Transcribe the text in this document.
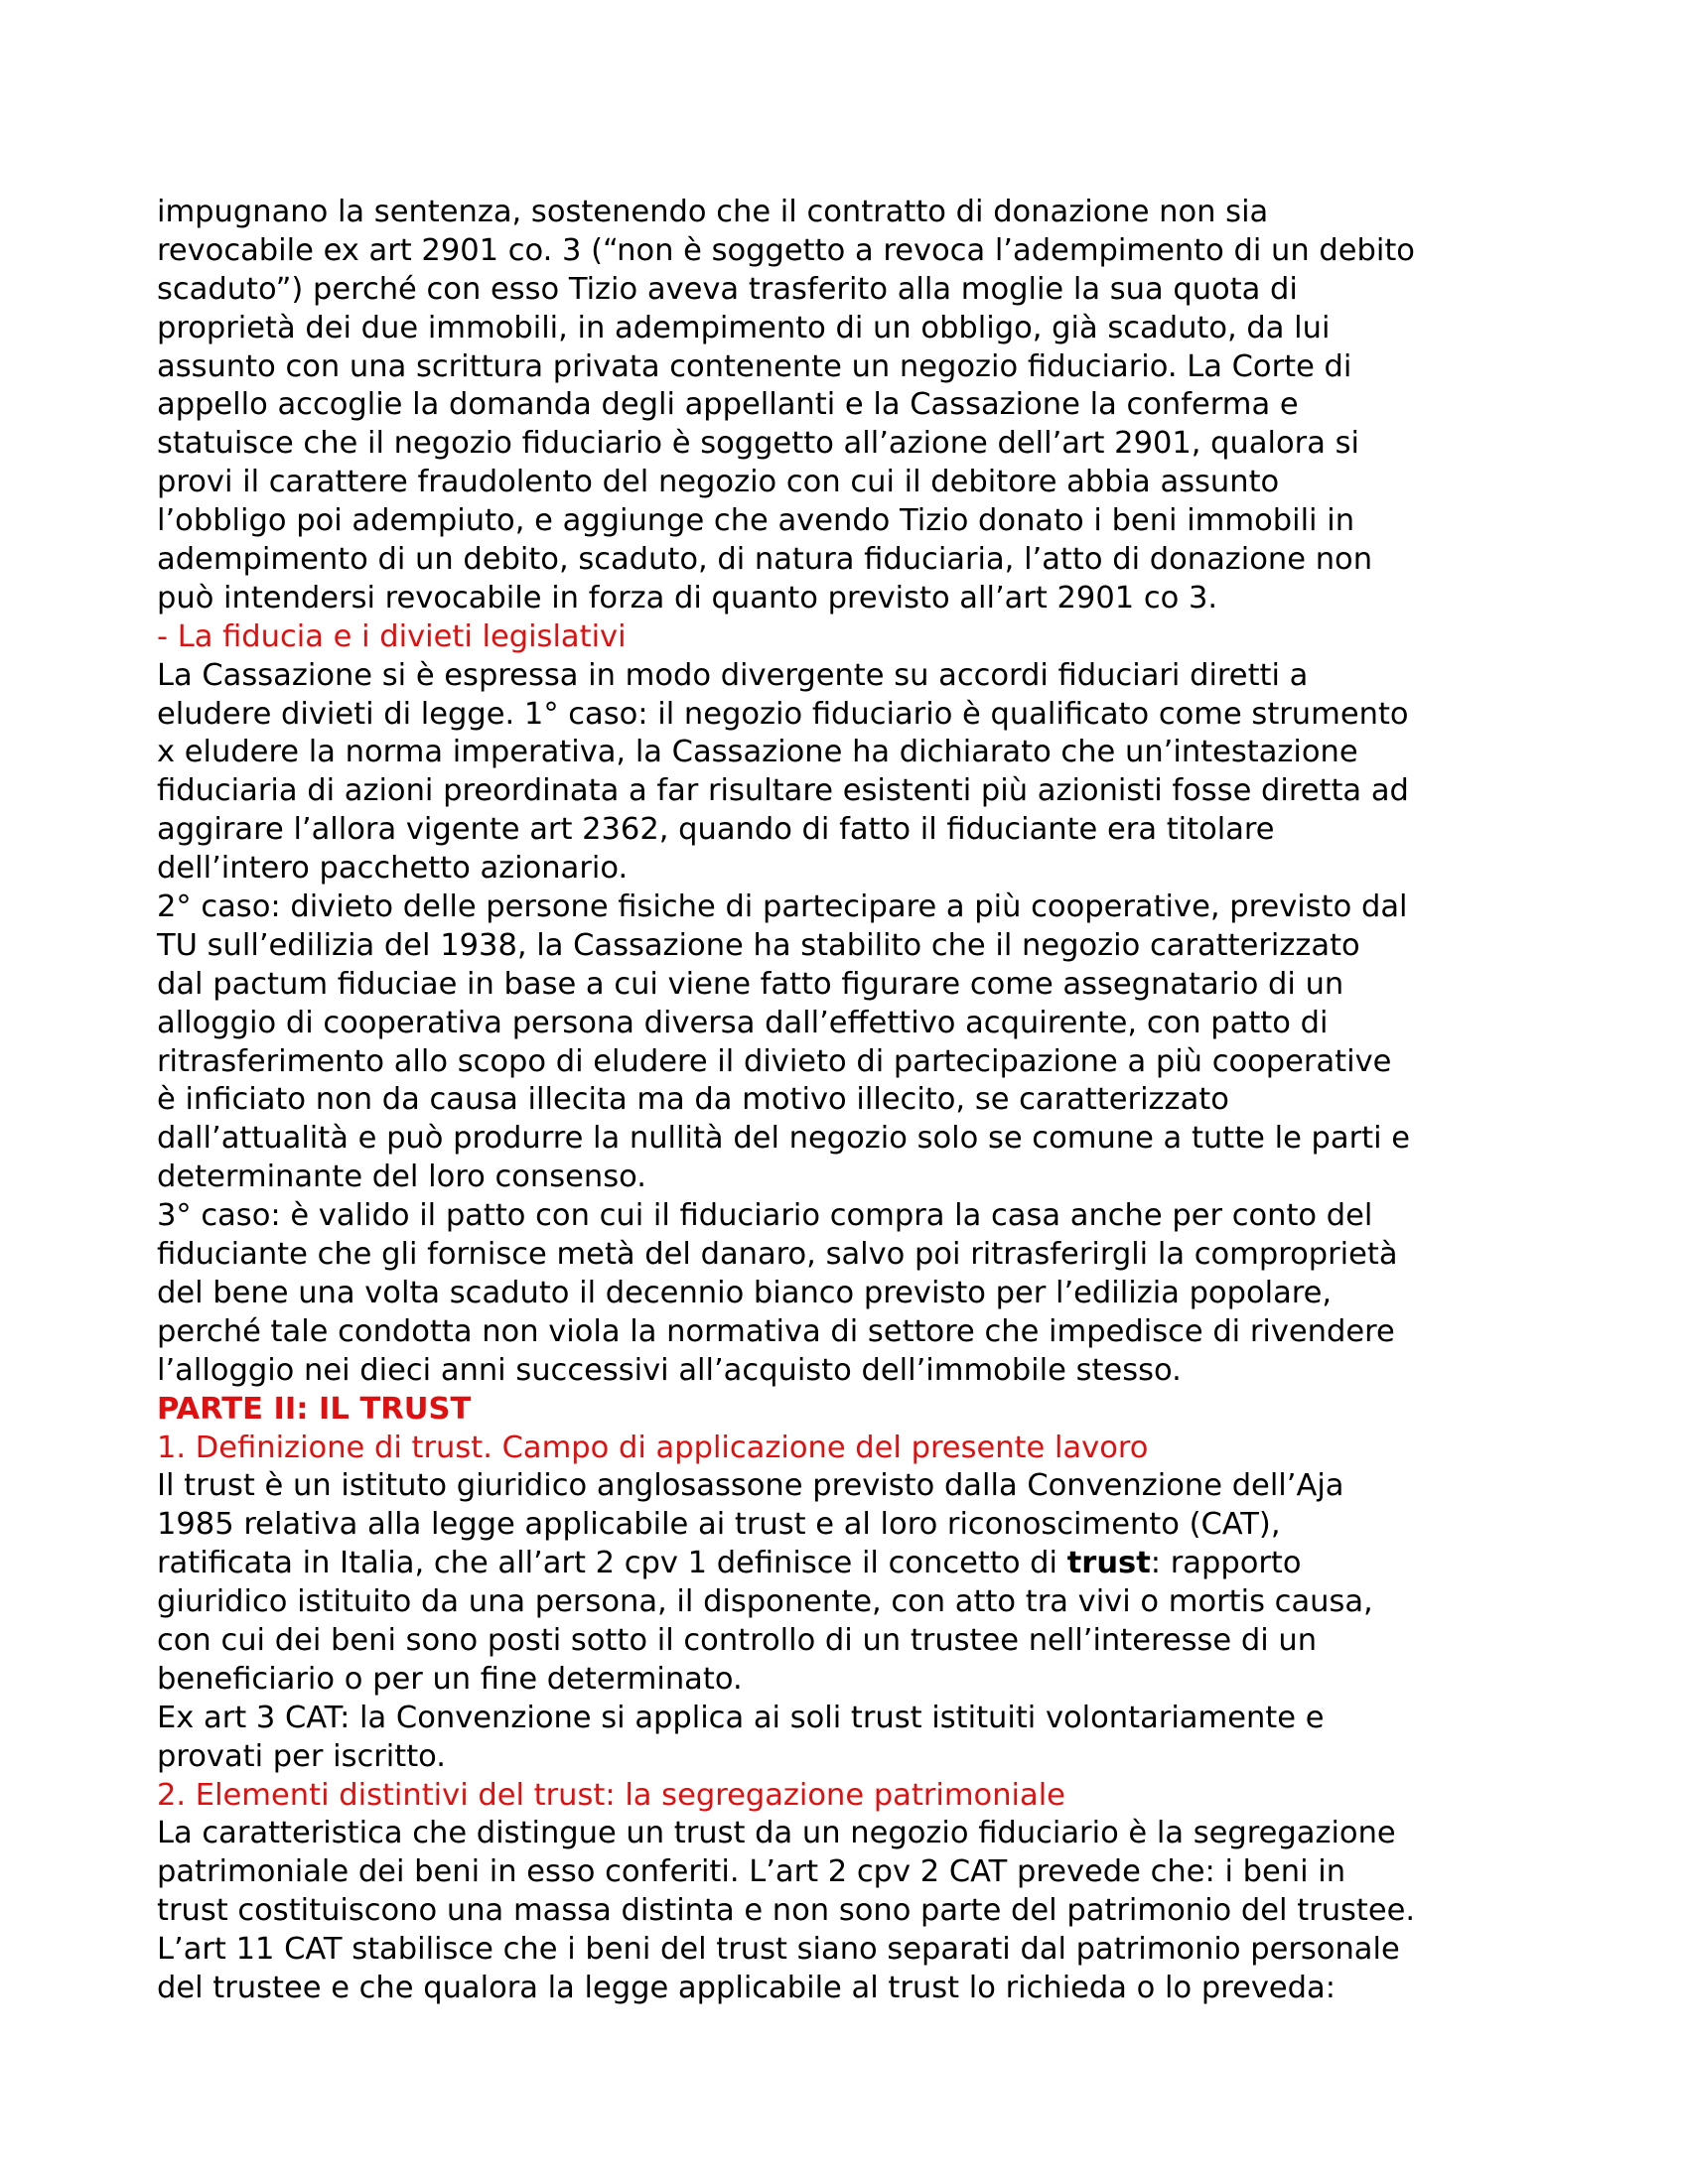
impugnano la sentenza, sostenendo che il contratto di donazione non sia

revocabile ex art 2901 co. 3 (“non è soggetto a revoca l’adempimento di un debito

scaduto”) perché con esso Tizio aveva trasferito alla moglie la sua quota di

proprietà dei due immobili, in adempimento di un obbligo, già scaduto, da lui

assunto con una scrittura privata contenente un negozio fiduciario. La Corte di

appello accoglie la domanda degli appellanti e la Cassazione la conferma e

statuisce che il negozio fiduciario è soggetto all’azione dell’art 2901, qualora si

provi il carattere fraudolento del negozio con cui il debitore abbia assunto

l’obbligo poi adempiuto, e aggiunge che avendo Tizio donato i beni immobili in

adempimento di un debito, scaduto, di natura fiduciaria, l’atto di donazione non

può intendersi revocabile in forza di quanto previsto all’art 2901 co 3.

- La fiducia e i divieti legislativi

La Cassazione si è espressa in modo divergente su accordi fiduciari diretti a

eludere divieti di legge. 1° caso: il negozio fiduciario è qualificato come strumento

x eludere la norma imperativa, la Cassazione ha dichiarato che un’intestazione

fiduciaria di azioni preordinata a far risultare esistenti più azionisti fosse diretta ad

aggirare l’allora vigente art 2362, quando di fatto il fiduciante era titolare

dell’intero pacchetto azionario.

2° caso: divieto delle persone fisiche di partecipare a più cooperative, previsto dal

TU sull’edilizia del 1938, la Cassazione ha stabilito che il negozio caratterizzato

dal pactum fiduciae in base a cui viene fatto figurare come assegnatario di un

alloggio di cooperativa persona diversa dall’effettivo acquirente, con patto di

ritrasferimento allo scopo di eludere il divieto di partecipazione a più cooperative

è inficiato non da causa illecita ma da motivo illecito, se caratterizzato

dall’attualità e può produrre la nullità del negozio solo se comune a tutte le parti e

determinante del loro consenso.

3° caso: è valido il patto con cui il fiduciario compra la casa anche per conto del

fiduciante che gli fornisce metà del danaro, salvo poi ritrasferirgli la comproprietà

del bene una volta scaduto il decennio bianco previsto per l’edilizia popolare,

perché tale condotta non viola la normativa di settore che impedisce di rivendere

l’alloggio nei dieci anni successivi all’acquisto dell’immobile stesso.

PARTE II: IL TRUST

1. Definizione di trust. Campo di applicazione del presente lavoro

Il trust è un istituto giuridico anglosassone previsto dalla Convenzione dell’Aja

1985 relativa alla legge applicabile ai trust e al loro riconoscimento (CAT),

ratificata in Italia, che all’art 2 cpv 1 definisce il concetto di trust: rapporto

giuridico istituito da una persona, il disponente, con atto tra vivi o mortis causa,

con cui dei beni sono posti sotto il controllo di un trustee nell’interesse di un

beneficiario o per un fine determinato.

Ex art 3 CAT: la Convenzione si applica ai soli trust istituiti volontariamente e

provati per iscritto.

2. Elementi distintivi del trust: la segregazione patrimoniale

La caratteristica che distingue un trust da un negozio fiduciario è la segregazione

patrimoniale dei beni in esso conferiti. L’art 2 cpv 2 CAT prevede che: i beni in

trust costituiscono una massa distinta e non sono parte del patrimonio del trustee.

L’art 11 CAT stabilisce che i beni del trust siano separati dal patrimonio personale

del trustee e che qualora la legge applicabile al trust lo richieda o lo preveda:
